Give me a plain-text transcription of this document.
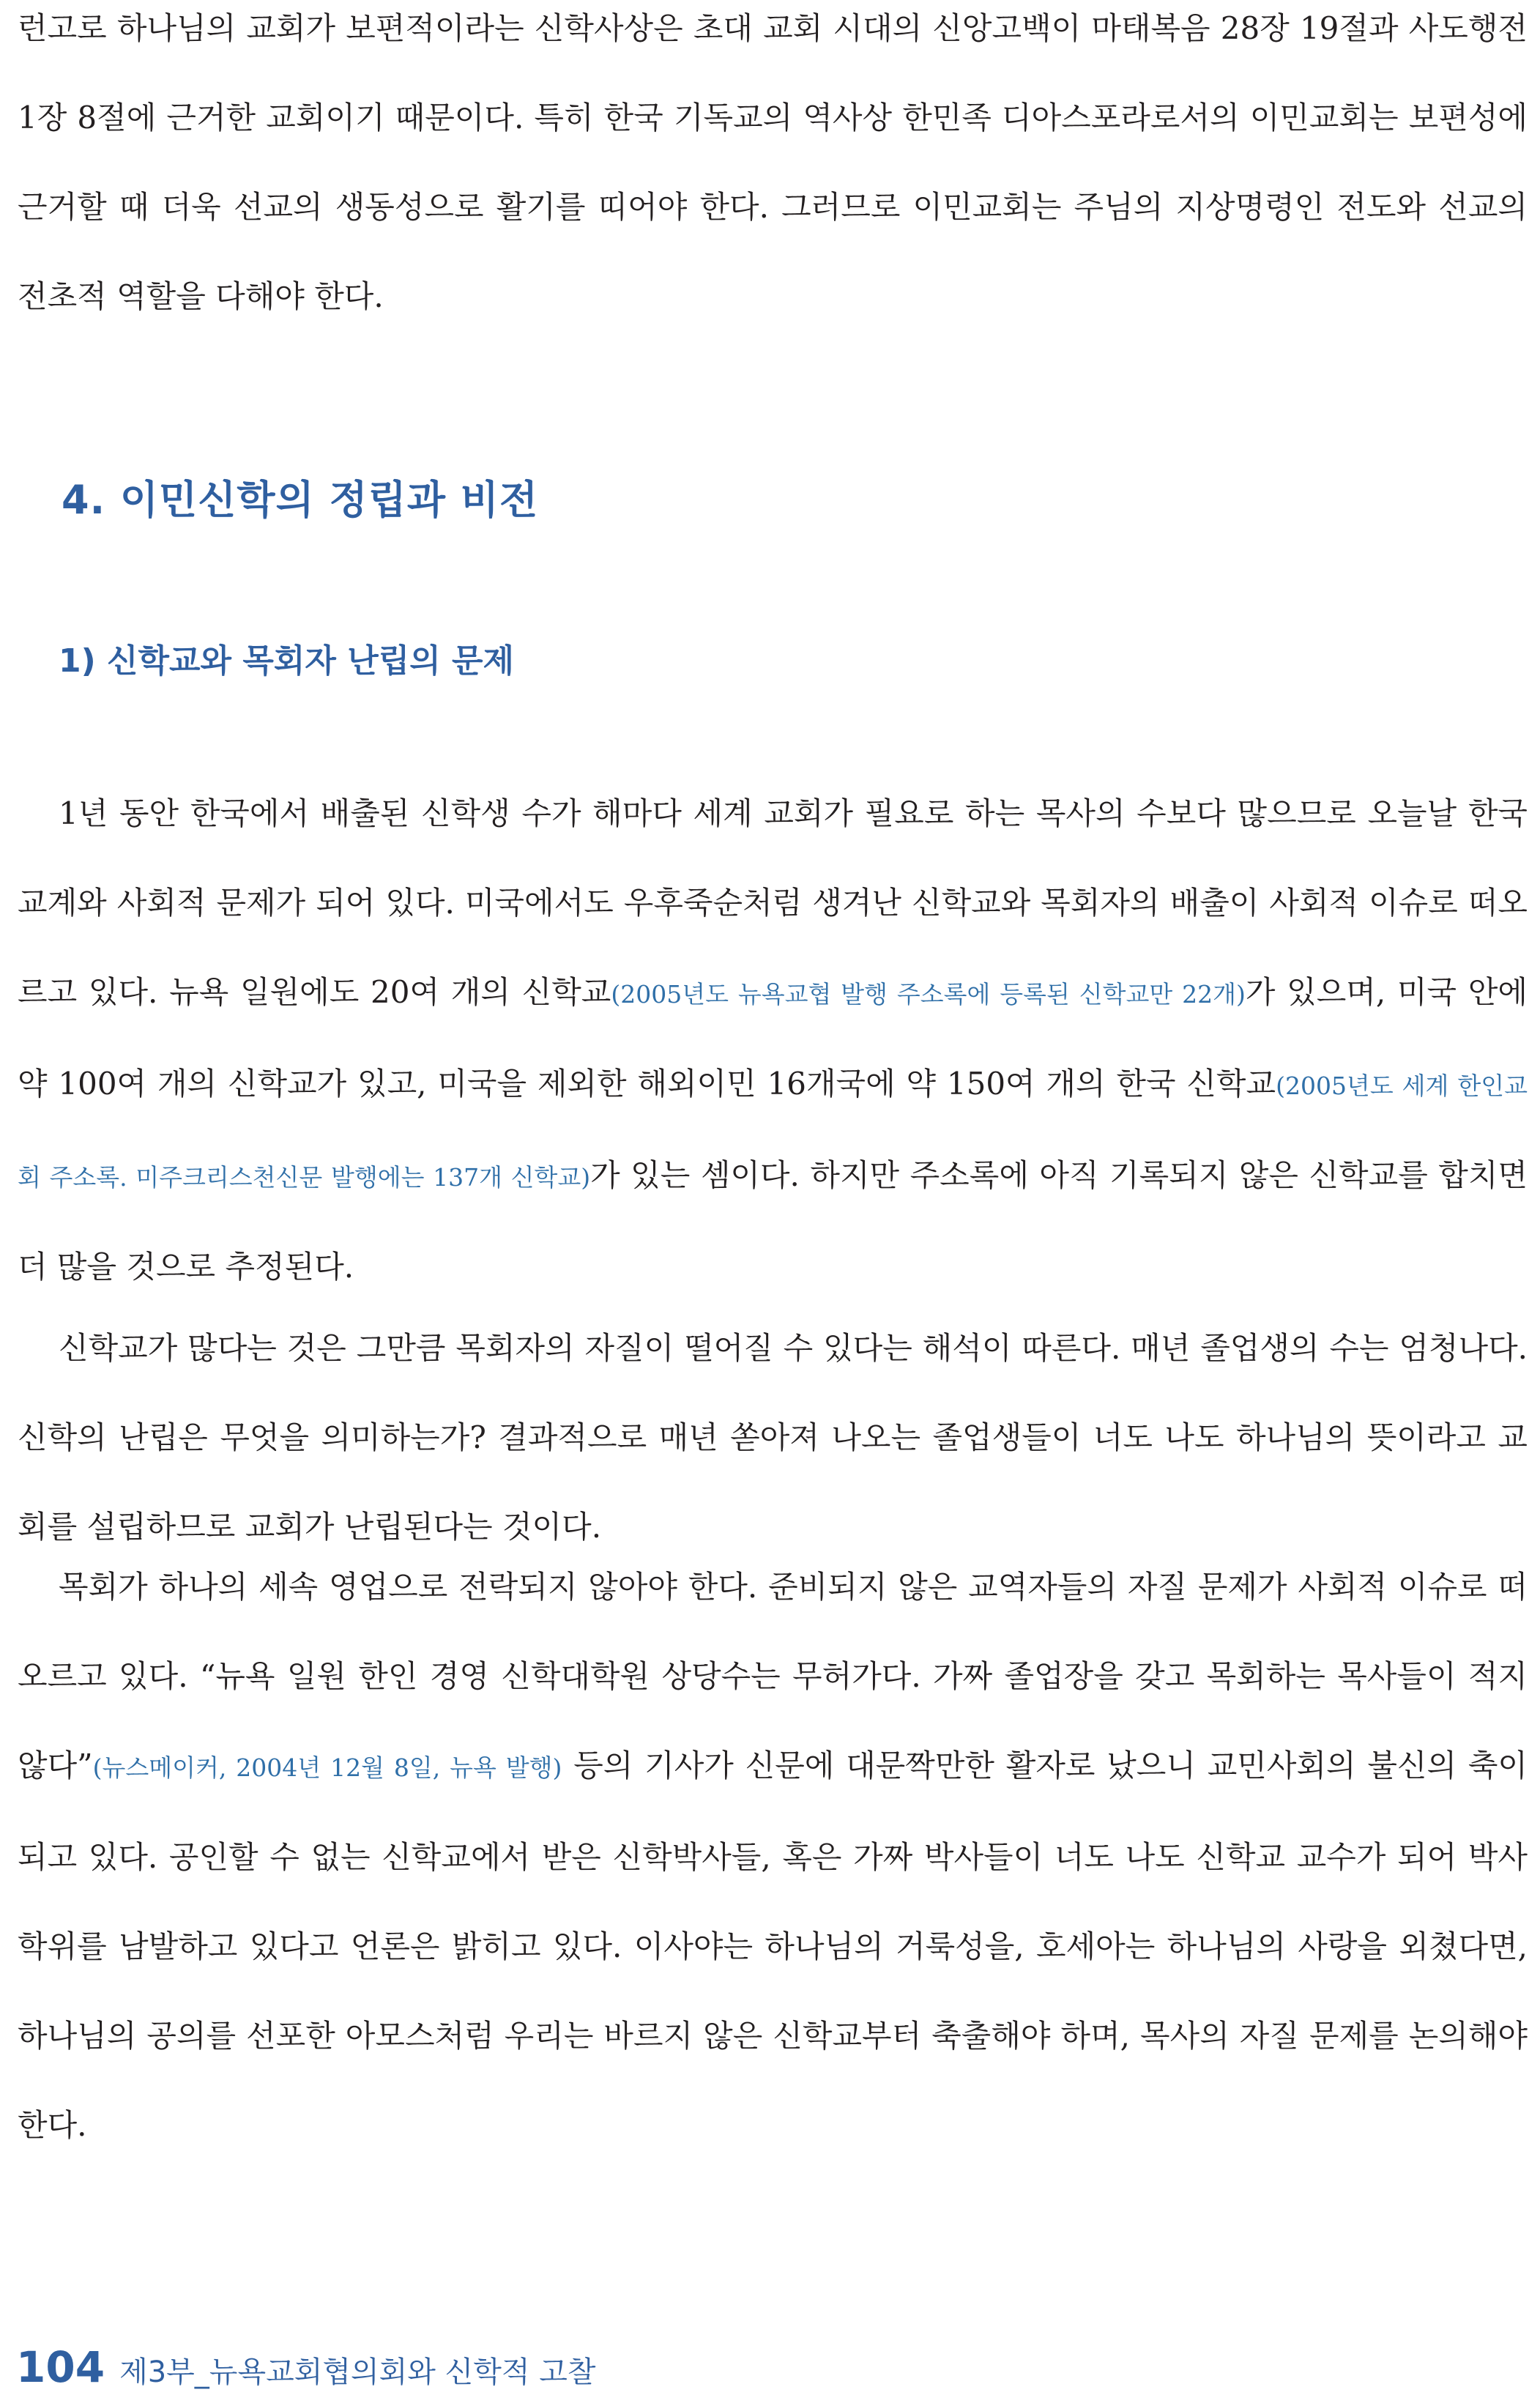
런고로 하나님의 교회가 보편적이라는 신학사상은 초대 교회 시대의 신앙고백이 마태복음 28장 19절과 사도행전 1장 8절에 근거한 교회이기 때문이다. 특히 한국 기독교의 역사상 한민족 디아스포라로서의 이민교회는 보편성에 근거할 때 더욱 선교의 생동성으로 활기를 띠어야 한다. 그러므로 이민교회는 주님의 지상명령인 전도와 선교의 전초적 역할을 다해야 한다.

4. 이민신학의 정립과 비전
1) 신학교와 목회자 난립의 문제

1년 동안 한국에서 배출된 신학생 수가 해마다 세계 교회가 필요로 하는 목사의 수보다 많으므로 오늘날 한국 교계와 사회적 문제가 되어 있다. 미국에서도 우후죽순처럼 생겨난 신학교와 목회자의 배출이 사회적 이슈로 떠오르고 있다. 뉴욕 일원에도 20여 개의 신학교(2005년도 뉴욕교협 발행 주소록에 등록된 신학교만 22개)가 있으며, 미국 안에 약 100여 개의 신학교가 있고, 미국을 제외한 해외이민 16개국에 약 150여 개의 한국 신학교(2005년도 세계 한인교회 주소록. 미주크리스천신문 발행에는 137개 신학교)가 있는 셈이다. 하지만 주소록에 아직 기록되지 않은 신학교를 합치면 더 많을 것으로 추정된다.

신학교가 많다는 것은 그만큼 목회자의 자질이 떨어질 수 있다는 해석이 따른다. 매년 졸업생의 수는 엄청나다. 신학의 난립은 무엇을 의미하는가? 결과적으로 매년 쏟아져 나오는 졸업생들이 너도 나도 하나님의 뜻이라고 교회를 설립하므로 교회가 난립된다는 것이다.

목회가 하나의 세속 영업으로 전락되지 않아야 한다. 준비되지 않은 교역자들의 자질 문제가 사회적 이슈로 떠오르고 있다. “뉴욕 일원 한인 경영 신학대학원 상당수는 무허가다. 가짜 졸업장을 갖고 목회하는 목사들이 적지 않다”(뉴스메이커, 2004년 12월 8일, 뉴욕 발행) 등의 기사가 신문에 대문짝만한 활자로 났으니 교민사회의 불신의 축이 되고 있다. 공인할 수 없는 신학교에서 받은 신학박사들, 혹은 가짜 박사들이 너도 나도 신학교 교수가 되어 박사 학위를 남발하고 있다고 언론은 밝히고 있다. 이사야는 하나님의 거룩성을, 호세아는 하나님의 사랑을 외쳤다면, 하나님의 공의를 선포한 아모스처럼 우리는 바르지 않은 신학교부터 축출해야 하며, 목사의 자질 문제를 논의해야 한다.

104 제3부_뉴욕교회협의회와 신학적 고찰
